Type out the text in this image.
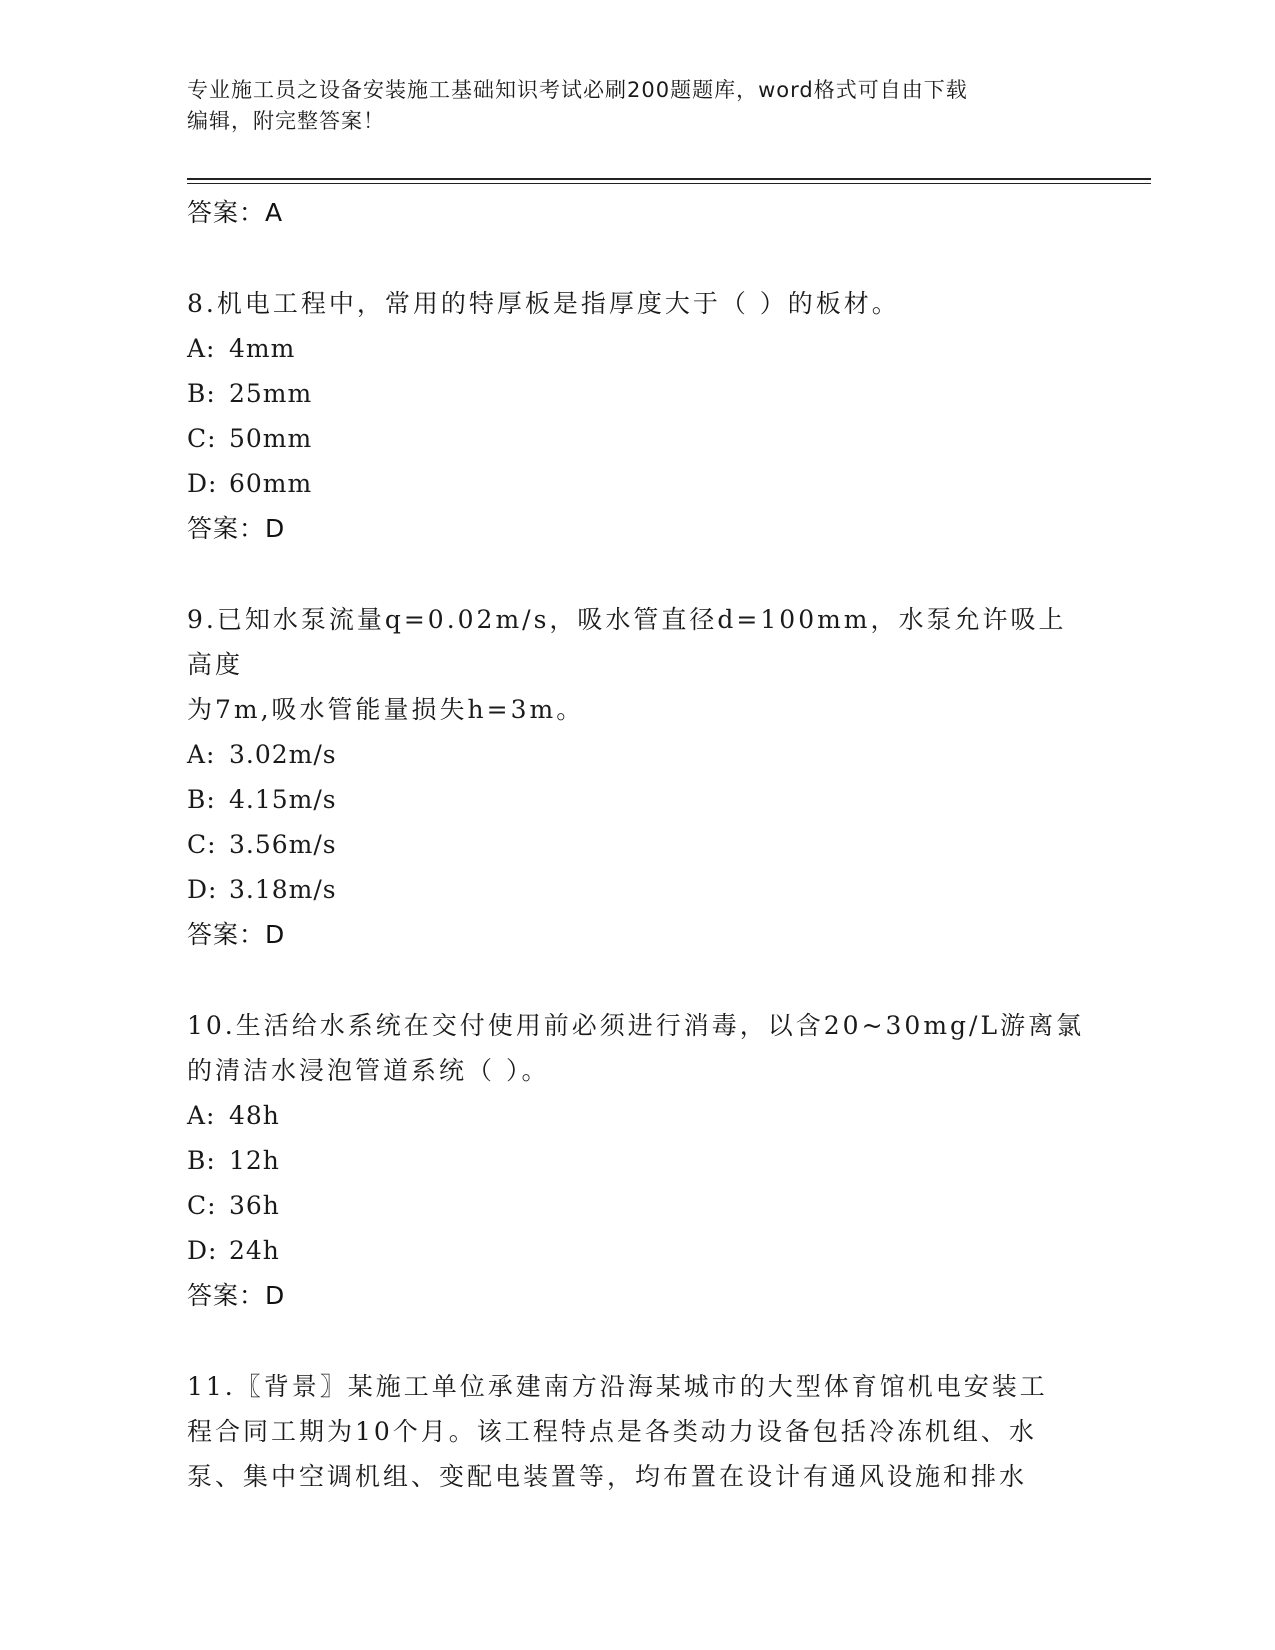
专业施工员之设备安装施工基础知识考试必刷200题题库，word格式可自由下载
编辑，附完整答案！
答案：A
8.机电工程中，常用的特厚板是指厚度大于（ ）的板材。
A: 4mm
B: 25mm
C: 50mm
D: 60mm
答案：D
9.已知水泵流量q=0.02m/s，吸水管直径d=100mm，水泵允许吸上高度
为7m,吸水管能量损失h=3m。
A: 3.02m/s
B: 4.15m/s
C: 3.56m/s
D: 3.18m/s
答案：D
10.生活给水系统在交付使用前必须进行消毒，以含20~30mg/L游离氯
的清洁水浸泡管道系统（ ）。
A: 48h
B: 12h
C: 36h
D: 24h
答案：D
11.〖背景〗某施工单位承建南方沿海某城市的大型体育馆机电安装工
程合同工期为10个月。该工程特点是各类动力设备包括冷冻机组、水
泵、集中空调机组、变配电装置等，均布置在设计有通风设施和排水
